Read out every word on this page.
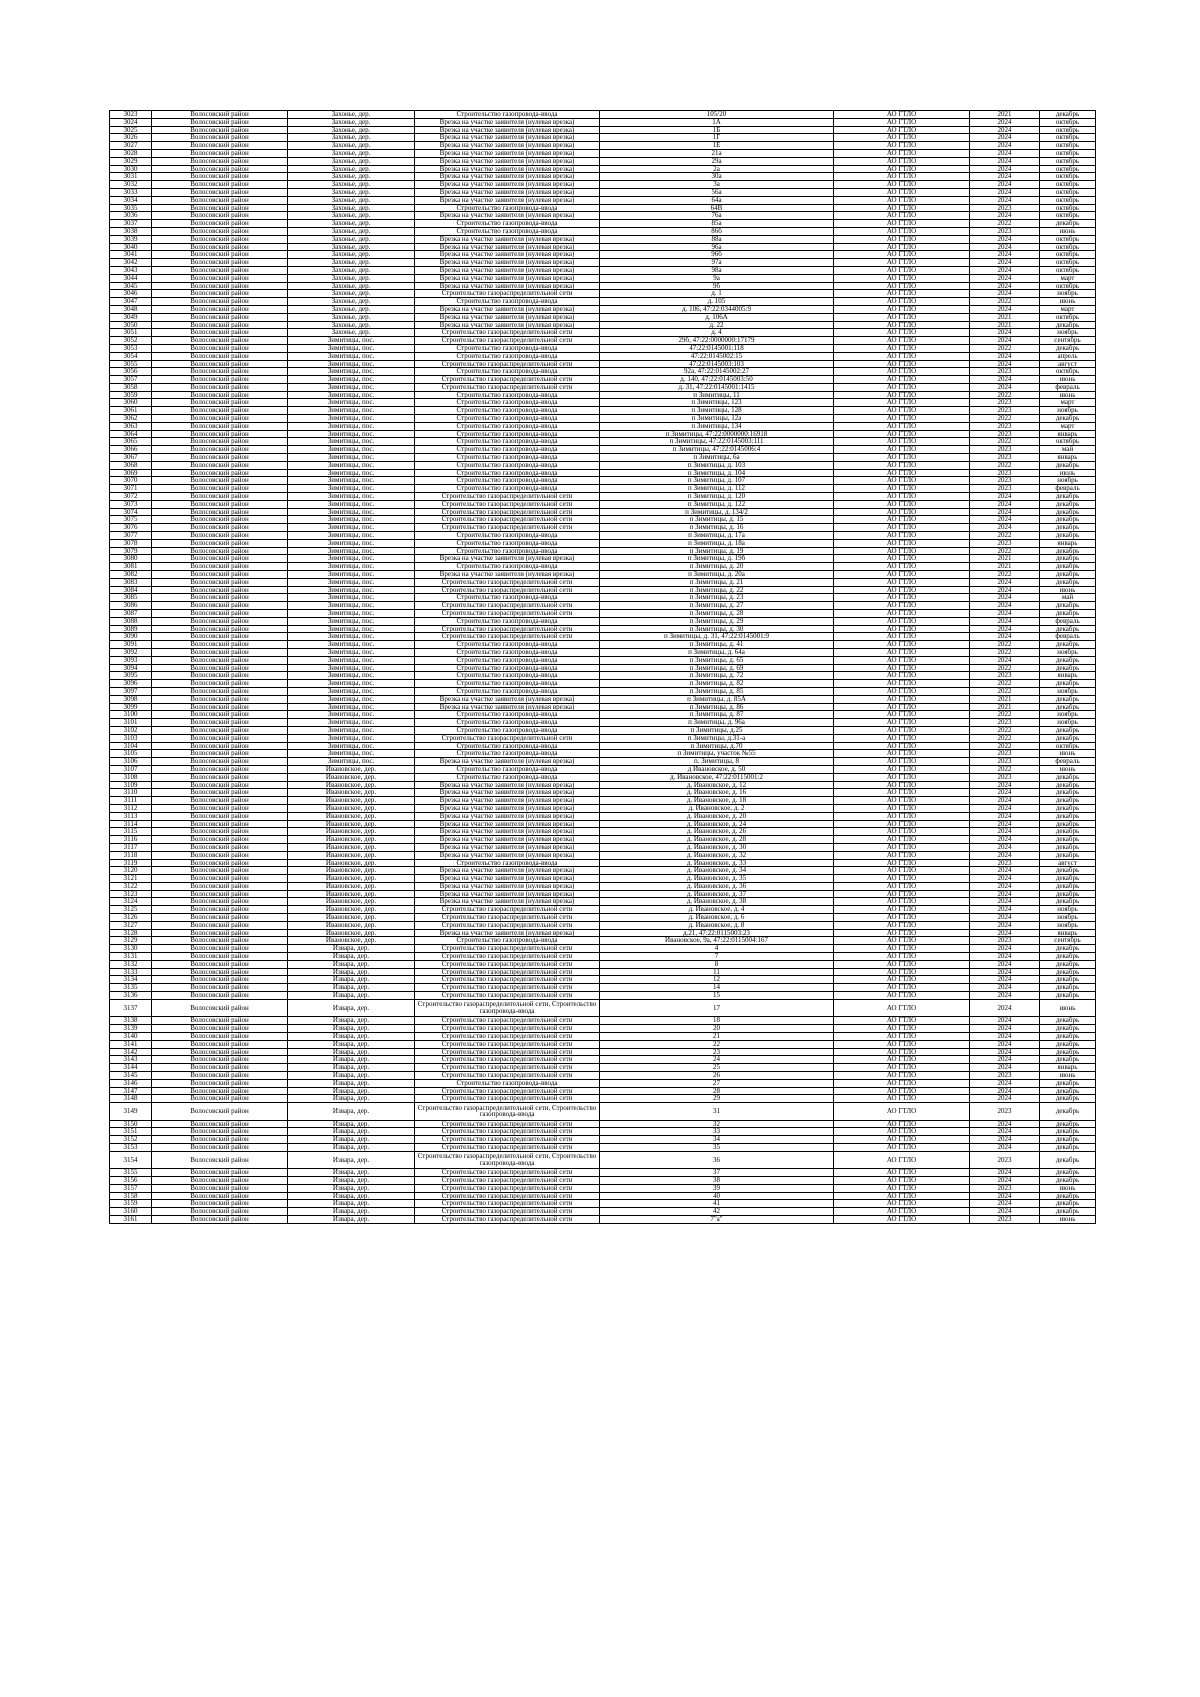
3023	Волосовский район	Захонье, дер.	Строительство газопровода-ввода	105/20	АО ГТЛО	2021	декабрь
3024	Волосовский район	Захонье, дер.	Врезка на участке заявителя (нулевая врезка)	1А	АО ГТЛО	2024	октябрь
3025	Волосовский район	Захонье, дер.	Врезка на участке заявителя (нулевая врезка)	1Б	АО ГТЛО	2024	октябрь
3026	Волосовский район	Захонье, дер.	Врезка на участке заявителя (нулевая врезка)	1Г	АО ГТЛО	2024	октябрь
3027	Волосовский район	Захонье, дер.	Врезка на участке заявителя (нулевая врезка)	1Е	АО ГТЛО	2024	октябрь
3028	Волосовский район	Захонье, дер.	Врезка на участке заявителя (нулевая врезка)	21а	АО ГТЛО	2024	октябрь
3029	Волосовский район	Захонье, дер.	Врезка на участке заявителя (нулевая врезка)	29а	АО ГТЛО	2024	октябрь
3030	Волосовский район	Захонье, дер.	Врезка на участке заявителя (нулевая врезка)	2а	АО ГТЛО	2024	октябрь
3031	Волосовский район	Захонье, дер.	Врезка на участке заявителя (нулевая врезка)	30а	АО ГТЛО	2024	октябрь
3032	Волосовский район	Захонье, дер.	Врезка на участке заявителя (нулевая врезка)	3а	АО ГТЛО	2024	октябрь
3033	Волосовский район	Захонье, дер.	Врезка на участке заявителя (нулевая врезка)	56а	АО ГТЛО	2024	октябрь
3034	Волосовский район	Захонье, дер.	Врезка на участке заявителя (нулевая врезка)	64а	АО ГТЛО	2024	октябрь
3035	Волосовский район	Захонье, дер.	Строительство газопровода-ввода	64В	АО ГТЛО	2023	октябрь
3036	Волосовский район	Захонье, дер.	Врезка на участке заявителя (нулевая врезка)	76а	АО ГТЛО	2024	октябрь
3037	Волосовский район	Захонье, дер.	Строительство газопровода-ввода	85а	АО ГТЛО	2022	декабрь
3038	Волосовский район	Захонье, дер.	Строительство газопровода-ввода	86б	АО ГТЛО	2023	июнь
3039	Волосовский район	Захонье, дер.	Врезка на участке заявителя (нулевая врезка)	88а	АО ГТЛО	2024	октябрь
3040	Волосовский район	Захонье, дер.	Врезка на участке заявителя (нулевая врезка)	96а	АО ГТЛО	2024	октябрь
3041	Волосовский район	Захонье, дер.	Врезка на участке заявителя (нулевая врезка)	96б	АО ГТЛО	2024	октябрь
3042	Волосовский район	Захонье, дер.	Врезка на участке заявителя (нулевая врезка)	97а	АО ГТЛО	2024	октябрь
3043	Волосовский район	Захонье, дер.	Врезка на участке заявителя (нулевая врезка)	98а	АО ГТЛО	2024	октябрь
3044	Волосовский район	Захонье, дер.	Врезка на участке заявителя (нулевая врезка)	9а	АО ГТЛО	2024	март
3045	Волосовский район	Захонье, дер.	Врезка на участке заявителя (нулевая врезка)	9б	АО ГТЛО	2024	октябрь
3046	Волосовский район	Захонье, дер.	Строительство газораспределительной сети	д. 1	АО ГТЛО	2024	ноябрь
3047	Волосовский район	Захонье, дер.	Строительство газопровода-ввода	д. 105	АО ГТЛО	2022	июнь
3048	Волосовский район	Захонье, дер.	Врезка на участке заявителя (нулевая врезка)	д. 106, 47:22:0344005:9	АО ГТЛО	2024	март
3049	Волосовский район	Захонье, дер.	Врезка на участке заявителя (нулевая врезка)	д. 106А	АО ГТЛО	2021	октябрь
3050	Волосовский район	Захонье, дер.	Врезка на участке заявителя (нулевая врезка)	д. 22	АО ГТЛО	2021	декабрь
3051	Волосовский район	Захонье, дер.	Строительство газораспределительной сети	д. 4	АО ГТЛО	2024	ноябрь
3052	Волосовский район	Зимитицы, пос.	Строительство газораспределительной сети	29б, 47:22:0000000:17179	АО ГТЛО	2024	сентябрь
3053	Волосовский район	Зимитицы, пос.	Строительство газопровода-ввода	47:22:0145001:118	АО ГТЛО	2022	декабрь
3054	Волосовский район	Зимитицы, пос.	Строительство газопровода-ввода	47:22:0145002:15	АО ГТЛО	2024	апрель
3055	Волосовский район	Зимитицы, пос.	Строительство газораспределительной сети	47:22:0145003:103	АО ГТЛО	2024	август
3056	Волосовский район	Зимитицы, пос.	Строительство газопровода-ввода	92а, 47:22:0145002:27	АО ГТЛО	2023	октябрь
3057	Волосовский район	Зимитицы, пос.	Строительство газораспределительной сети	д. 140, 47:22:0145003:50	АО ГТЛО	2024	июнь
3058	Волосовский район	Зимитицы, пос.	Строительство газораспределительной сети	д. 31, 47:22:0145001:1415	АО ГТЛО	2024	февраль
3059	Волосовский район	Зимитицы, пос.	Строительство газопровода-ввода	п Зимитицы, 11	АО ГТЛО	2022	июнь
3060	Волосовский район	Зимитицы, пос.	Строительство газопровода-ввода	п Зимитицы, 123	АО ГТЛО	2023	март
3061	Волосовский район	Зимитицы, пос.	Строительство газопровода-ввода	п Зимитицы, 128	АО ГТЛО	2023	ноябрь
3062	Волосовский район	Зимитицы, пос.	Строительство газопровода-ввода	п Зимитицы, 12а	АО ГТЛО	2022	декабрь
3063	Волосовский район	Зимитицы, пос.	Строительство газопровода-ввода	п Зимитицы, 134	АО ГТЛО	2023	март
3064	Волосовский район	Зимитицы, пос.	Строительство газопровода-ввода	п Зимитицы, 47:22:0000000:16918	АО ГТЛО	2023	январь
3065	Волосовский район	Зимитицы, пос.	Строительство газопровода-ввода	п Зимитицы, 47:22:0145003:111	АО ГТЛО	2022	октябрь
3066	Волосовский район	Зимитицы, пос.	Строительство газопровода-ввода	п Зимитицы, 47:22:0145006:4	АО ГТЛО	2023	май
3067	Волосовский район	Зимитицы, пос.	Строительство газопровода-ввода	п Зимитицы, 6а	АО ГТЛО	2023	январь
3068	Волосовский район	Зимитицы, пос.	Строительство газопровода-ввода	п Зимитицы, д. 103	АО ГТЛО	2022	декабрь
3069	Волосовский район	Зимитицы, пос.	Строительство газопровода-ввода	п Зимитицы, д. 104	АО ГТЛО	2023	июль
3070	Волосовский район	Зимитицы, пос.	Строительство газопровода-ввода	п Зимитицы, д. 107	АО ГТЛО	2023	ноябрь
3071	Волосовский район	Зимитицы, пос.	Строительство газопровода-ввода	п Зимитицы, д. 112	АО ГТЛО	2023	февраль
3072	Волосовский район	Зимитицы, пос.	Строительство газораспределительной сети	п Зимитицы, д. 120	АО ГТЛО	2024	декабрь
3073	Волосовский район	Зимитицы, пос.	Строительство газораспределительной сети	п Зимитицы, д. 122	АО ГТЛО	2024	декабрь
3074	Волосовский район	Зимитицы, пос.	Строительство газораспределительной сети	п Зимитицы, д. 134/2	АО ГТЛО	2024	декабрь
3075	Волосовский район	Зимитицы, пос.	Строительство газораспределительной сети	п Зимитицы, д. 15	АО ГТЛО	2024	декабрь
3076	Волосовский район	Зимитицы, пос.	Строительство газораспределительной сети	п Зимитицы, д. 16	АО ГТЛО	2024	декабрь
3077	Волосовский район	Зимитицы, пос.	Строительство газопровода-ввода	п Зимитицы, д. 17а	АО ГТЛО	2022	декабрь
3078	Волосовский район	Зимитицы, пос.	Строительство газопровода-ввода	п Зимитицы, д. 18а	АО ГТЛО	2023	январь
3079	Волосовский район	Зимитицы, пос.	Строительство газопровода-ввода	п Зимитицы, д. 19	АО ГТЛО	2022	декабрь
3080	Волосовский район	Зимитицы, пос.	Врезка на участке заявителя (нулевая врезка)	п Зимитицы, д. 19б	АО ГТЛО	2021	декабрь
3081	Волосовский район	Зимитицы, пос.	Строительство газопровода-ввода	п Зимитицы, д. 20	АО ГТЛО	2021	декабрь
3082	Волосовский район	Зимитицы, пос.	Врезка на участке заявителя (нулевая врезка)	п Зимитицы, д. 20а	АО ГТЛО	2022	декабрь
3083	Волосовский район	Зимитицы, пос.	Строительство газораспределительной сети	п Зимитицы, д. 21	АО ГТЛО	2024	декабрь
3084	Волосовский район	Зимитицы, пос.	Строительство газораспределительной сети	п Зимитицы, д. 22	АО ГТЛО	2024	июнь
3085	Волосовский район	Зимитицы, пос.	Строительство газопровода-ввода	п Зимитицы, д. 23	АО ГТЛО	2024	май
3086	Волосовский район	Зимитицы, пос.	Строительство газораспределительной сети	п Зимитицы, д. 27	АО ГТЛО	2024	декабрь
3087	Волосовский район	Зимитицы, пос.	Строительство газораспределительной сети	п Зимитицы, д. 28	АО ГТЛО	2024	декабрь
3088	Волосовский район	Зимитицы, пос.	Строительство газопровода-ввода	п Зимитицы, д. 29	АО ГТЛО	2024	февраль
3089	Волосовский район	Зимитицы, пос.	Строительство газораспределительной сети	п Зимитицы, д. 30	АО ГТЛО	2024	декабрь
3090	Волосовский район	Зимитицы, пос.	Строительство газораспределительной сети	п Зимитицы, д. 31, 47:22:0145001:9	АО ГТЛО	2024	февраль
3091	Волосовский район	Зимитицы, пос.	Строительство газопровода-ввода	п Зимитицы, д. 41	АО ГТЛО	2022	декабрь
3092	Волосовский район	Зимитицы, пос.	Строительство газопровода-ввода	п Зимитицы, д. 64а	АО ГТЛО	2022	ноябрь
3093	Волосовский район	Зимитицы, пос.	Строительство газопровода-ввода	п Зимитицы, д. 65	АО ГТЛО	2024	декабрь
3094	Волосовский район	Зимитицы, пос.	Строительство газопровода-ввода	п Зимитицы, д. 69	АО ГТЛО	2022	декабрь
3095	Волосовский район	Зимитицы, пос.	Строительство газопровода-ввода	п Зимитицы, д. 72	АО ГТЛО	2023	январь
3096	Волосовский район	Зимитицы, пос.	Строительство газопровода-ввода	п Зимитицы, д. 82	АО ГТЛО	2022	декабрь
3097	Волосовский район	Зимитицы, пос.	Строительство газопровода-ввода	п Зимитицы, д. 85	АО ГТЛО	2022	ноябрь
3098	Волосовский район	Зимитицы, пос.	Врезка на участке заявителя (нулевая врезка)	п Зимитицы, д. 85А	АО ГТЛО	2021	декабрь
3099	Волосовский район	Зимитицы, пос.	Врезка на участке заявителя (нулевая врезка)	п Зимитицы, д. 86	АО ГТЛО	2021	декабрь
3100	Волосовский район	Зимитицы, пос.	Строительство газопровода-ввода	п Зимитицы, д. 87	АО ГТЛО	2022	ноябрь
3101	Волосовский район	Зимитицы, пос.	Строительство газопровода-ввода	п Зимитицы, д. 96а	АО ГТЛО	2023	ноябрь
3102	Волосовский район	Зимитицы, пос.	Строительство газопровода-ввода	п Зимитицы, д.25	АО ГТЛО	2022	декабрь
3103	Волосовский район	Зимитицы, пос.	Строительство газораспределительной сети	п Зимитицы, д.31-а	АО ГТЛО	2022	декабрь
3104	Волосовский район	Зимитицы, пос.	Строительство газопровода-ввода	п Зимитицы, д.70	АО ГТЛО	2022	октябрь
3105	Волосовский район	Зимитицы, пос.	Строительство газопровода-ввода	п Зимитицы, участок №55	АО ГТЛО	2023	июнь
3106	Волосовский район	Зимитицы, пос.	Врезка на участке заявителя (нулевая врезка)	п. Зимитицы, 8	АО ГТЛО	2023	февраль
3107	Волосовский район	Ивановское, дер.	Строительство газопровода-ввода	д Ивановское, д. 50	АО ГТЛО	2022	июнь
3108	Волосовский район	Ивановское, дер.	Строительство газопровода-ввода	д. Ивановское, 47:22:0115001:2	АО ГТЛО	2023	декабрь
3109	Волосовский район	Ивановское, дер.	Врезка на участке заявителя (нулевая врезка)	д. Ивановское, д. 12	АО ГТЛО	2024	декабрь
3110	Волосовский район	Ивановское, дер.	Врезка на участке заявителя (нулевая врезка)	д. Ивановское, д. 16	АО ГТЛО	2024	декабрь
3111	Волосовский район	Ивановское, дер.	Врезка на участке заявителя (нулевая врезка)	д. Ивановское, д. 18	АО ГТЛО	2024	декабрь
3112	Волосовский район	Ивановское, дер.	Врезка на участке заявителя (нулевая врезка)	д. Ивановское, д. 2	АО ГТЛО	2024	декабрь
3113	Волосовский район	Ивановское, дер.	Врезка на участке заявителя (нулевая врезка)	д. Ивановское, д. 20	АО ГТЛО	2024	декабрь
3114	Волосовский район	Ивановское, дер.	Врезка на участке заявителя (нулевая врезка)	д. Ивановское, д. 24	АО ГТЛО	2024	декабрь
3115	Волосовский район	Ивановское, дер.	Врезка на участке заявителя (нулевая врезка)	д. Ивановское, д. 26	АО ГТЛО	2024	декабрь
3116	Волосовский район	Ивановское, дер.	Врезка на участке заявителя (нулевая врезка)	д. Ивановское, д. 28	АО ГТЛО	2024	декабрь
3117	Волосовский район	Ивановское, дер.	Врезка на участке заявителя (нулевая врезка)	д. Ивановское, д. 30	АО ГТЛО	2024	декабрь
3118	Волосовский район	Ивановское, дер.	Врезка на участке заявителя (нулевая врезка)	д. Ивановское, д. 32	АО ГТЛО	2024	декабрь
3119	Волосовский район	Ивановское, дер.	Строительство газопровода-ввода	д. Ивановское, д. 33	АО ГТЛО	2023	август
3120	Волосовский район	Ивановское, дер.	Врезка на участке заявителя (нулевая врезка)	д. Ивановское, д. 34	АО ГТЛО	2024	декабрь
3121	Волосовский район	Ивановское, дер.	Врезка на участке заявителя (нулевая врезка)	д. Ивановское, д. 35	АО ГТЛО	2024	декабрь
3122	Волосовский район	Ивановское, дер.	Врезка на участке заявителя (нулевая врезка)	д. Ивановское, д. 36	АО ГТЛО	2024	декабрь
3123	Волосовский район	Ивановское, дер.	Врезка на участке заявителя (нулевая врезка)	д. Ивановское, д. 37	АО ГТЛО	2024	декабрь
3124	Волосовский район	Ивановское, дер.	Врезка на участке заявителя (нулевая врезка)	д. Ивановское, д. 38	АО ГТЛО	2024	декабрь
3125	Волосовский район	Ивановское, дер.	Строительство газораспределительной сети	д. Ивановское, д. 4	АО ГТЛО	2024	ноябрь
3126	Волосовский район	Ивановское, дер.	Строительство газораспределительной сети	д. Ивановское, д. 6	АО ГТЛО	2024	ноябрь
3127	Волосовский район	Ивановское, дер.	Строительство газораспределительной сети	д. Ивановское, д. 8	АО ГТЛО	2024	ноябрь
3128	Волосовский район	Ивановское, дер.	Врезка на участке заявителя (нулевая врезка)	д.21, 47:22:0115003:23	АО ГТЛО	2024	январь
3129	Волосовский район	Ивановское, дер.	Строительство газопровода-ввода	Ивановское, 9а, 47:22:0115004:167	АО ГТЛО	2023	сентябрь
3130	Волосовский район	Извара, дер.	Строительство газораспределительной сети	4	АО ГТЛО	2024	декабрь
3131	Волосовский район	Извара, дер.	Строительство газораспределительной сети	7	АО ГТЛО	2024	декабрь
3132	Волосовский район	Извара, дер.	Строительство газораспределительной сети	8	АО ГТЛО	2024	декабрь
3133	Волосовский район	Извара, дер.	Строительство газораспределительной сети	11	АО ГТЛО	2024	декабрь
3134	Волосовский район	Извара, дер.	Строительство газораспределительной сети	12	АО ГТЛО	2024	декабрь
3135	Волосовский район	Извара, дер.	Строительство газораспределительной сети	14	АО ГТЛО	2024	декабрь
3136	Волосовский район	Извара, дер.	Строительство газораспределительной сети	15	АО ГТЛО	2024	декабрь
3137	Волосовский район	Извара, дер.	Строительство газораспределительной сети, Строительство газопровода-ввода	17	АО ГТЛО	2024	июнь
3138	Волосовский район	Извара, дер.	Строительство газораспределительной сети	18	АО ГТЛО	2024	декабрь
3139	Волосовский район	Извара, дер.	Строительство газораспределительной сети	20	АО ГТЛО	2024	декабрь
3140	Волосовский район	Извара, дер.	Строительство газораспределительной сети	21	АО ГТЛО	2024	декабрь
3141	Волосовский район	Извара, дер.	Строительство газораспределительной сети	22	АО ГТЛО	2024	декабрь
3142	Волосовский район	Извара, дер.	Строительство газораспределительной сети	23	АО ГТЛО	2024	декабрь
3143	Волосовский район	Извара, дер.	Строительство газораспределительной сети	24	АО ГТЛО	2024	декабрь
3144	Волосовский район	Извара, дер.	Строительство газораспределительной сети	25	АО ГТЛО	2024	январь
3145	Волосовский район	Извара, дер.	Строительство газораспределительной сети	26	АО ГТЛО	2023	июнь
3146	Волосовский район	Извара, дер.	Строительство газопровода-ввода	27	АО ГТЛО	2024	декабрь
3147	Волосовский район	Извара, дер.	Строительство газораспределительной сети	28	АО ГТЛО	2024	декабрь
3148	Волосовский район	Извара, дер.	Строительство газораспределительной сети	29	АО ГТЛО	2024	декабрь
3149	Волосовский район	Извара, дер.	Строительство газораспределительной сети, Строительство газопровода-ввода	31	АО ГТЛО	2023	декабрь
3150	Волосовский район	Извара, дер.	Строительство газораспределительной сети	32	АО ГТЛО	2024	декабрь
3151	Волосовский район	Извара, дер.	Строительство газораспределительной сети	33	АО ГТЛО	2024	декабрь
3152	Волосовский район	Извара, дер.	Строительство газораспределительной сети	34	АО ГТЛО	2024	декабрь
3153	Волосовский район	Извара, дер.	Строительство газораспределительной сети	35	АО ГТЛО	2024	декабрь
3154	Волосовский район	Извара, дер.	Строительство газораспределительной сети, Строительство газопровода-ввода	36	АО ГТЛО	2023	декабрь
3155	Волосовский район	Извара, дер.	Строительство газораспределительной сети	37	АО ГТЛО	2024	декабрь
3156	Волосовский район	Извара, дер.	Строительство газораспределительной сети	38	АО ГТЛО	2024	декабрь
3157	Волосовский район	Извара, дер.	Строительство газораспределительной сети	39	АО ГТЛО	2023	июнь
3158	Волосовский район	Извара, дер.	Строительство газораспределительной сети	40	АО ГТЛО	2024	декабрь
3159	Волосовский район	Извара, дер.	Строительство газораспределительной сети	41	АО ГТЛО	2024	декабрь
3160	Волосовский район	Извара, дер.	Строительство газораспределительной сети	42	АО ГТЛО	2024	декабрь
3161	Волосовский район	Извара, дер.	Строительство газораспределительной сети	7"а"	АО ГТЛО	2023	июнь
